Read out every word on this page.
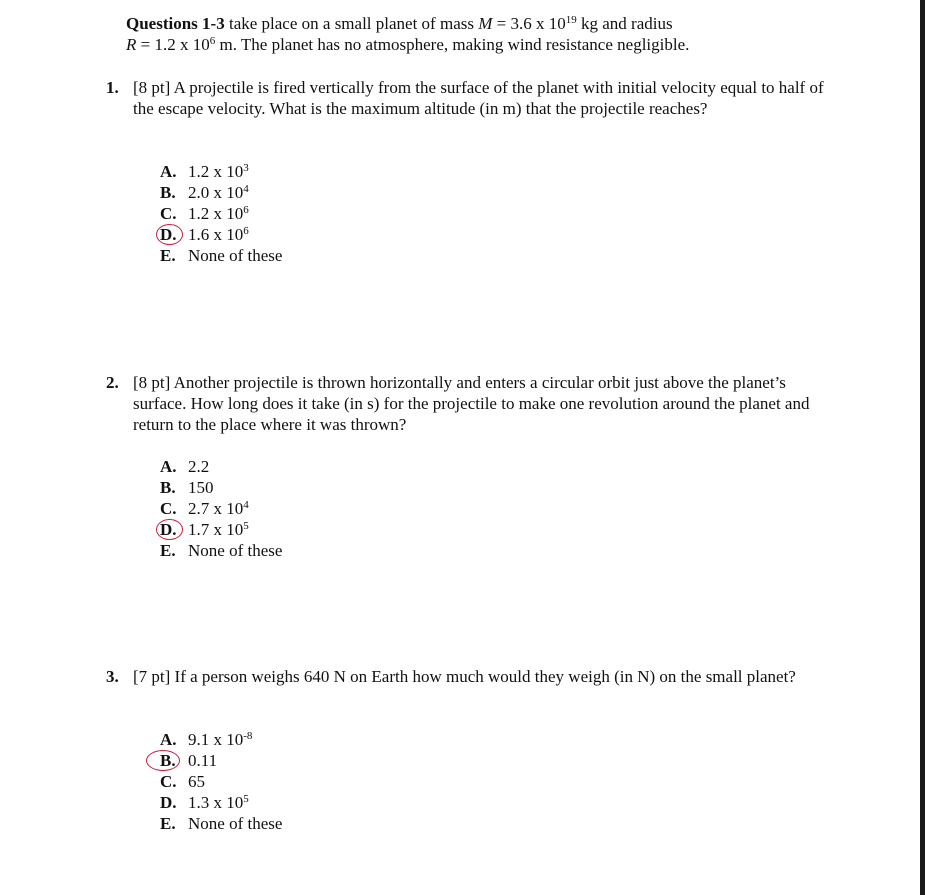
Questions 1-3 take place on a small planet of mass M = 3.6 x $10^{19}$ kg and radius
R = 1.2 x $10^6$ m. The planet has no atmosphere, making wind resistance negligible.
1. [8 pt] A projectile is fired vertically from the surface of the planet with initial velocity equal to half of the escape velocity. What is the maximum altitude (in m) that the projectile reaches?
A. 1.2 x $10^3$
B. 2.0 x $10^4$
C. 1.2 x $10^6$
D. 1.6 x $10^6$
E. None of these
2. [8 pt] Another projectile is thrown horizontally and enters a circular orbit just above the planet’s surface. How long does it take (in s) for the projectile to make one revolution around the planet and return to the place where it was thrown?
A. 2.2
B. 150
C. 2.7 x $10^4$
D. 1.7 x $10^5$
E. None of these
3. [7 pt] If a person weighs 640 N on Earth how much would they weigh (in N) on the small planet?
A. 9.1 x $10^{-8}$
B. 0.11
C. 65
D. 1.3 x $10^5$
E. None of these
